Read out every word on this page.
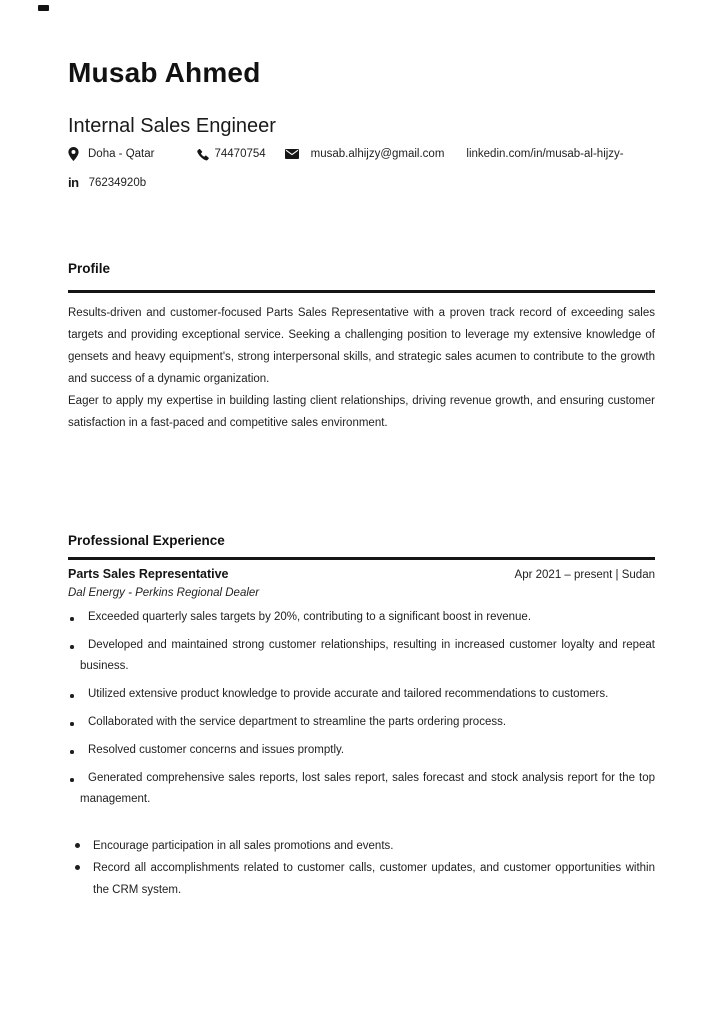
Musab Ahmed
Internal Sales Engineer
Doha - Qatar	74470754	musab.alhijzy@gmail.com linkedin.com/in/musab-al-hijzy-
in 76234920b
Profile

Results-driven and customer-focused Parts Sales Representative with a proven track record of exceeding sales targets and providing exceptional service. Seeking a challenging position to leverage my extensive knowledge of gensets and heavy equipment's, strong interpersonal skills, and strategic sales acumen to contribute to the growth and success of a dynamic organization.

Eager to apply my expertise in building lasting client relationships, driving revenue growth, and ensuring customer satisfaction in a fast-paced and competitive sales environment.

Professional Experience
Parts Sales Representative	Apr 2021 – present | Sudan
Dal Energy - Perkins Regional Dealer
Exceeded quarterly sales targets by 20%, contributing to a significant boost in revenue.
Developed and maintained strong customer relationships, resulting in increased customer loyalty and repeat business.
Utilized extensive product knowledge to provide accurate and tailored recommendations to customers.
Collaborated with the service department to streamline the parts ordering process.
Resolved customer concerns and issues promptly.
Generated comprehensive sales reports, lost sales report, sales forecast and stock analysis report for the top management.
Encourage participation in all sales promotions and events.
Record all accomplishments related to customer calls, customer updates, and customer opportunities within the CRM system.
